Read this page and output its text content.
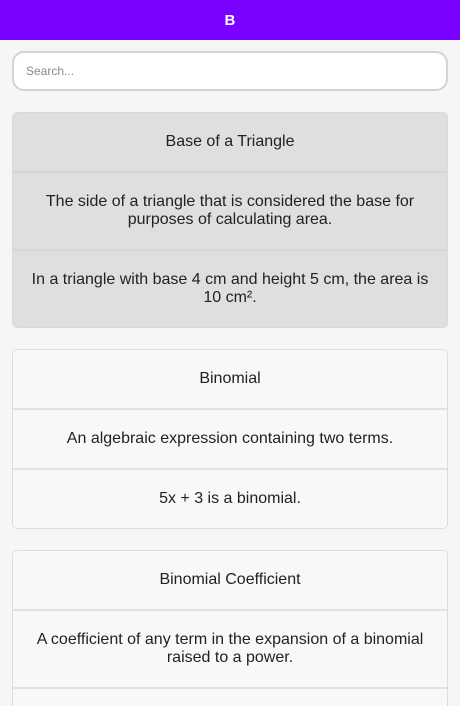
B
Search...
Base of a Triangle
The side of a triangle that is considered the base for purposes of calculating area.
In a triangle with base 4 cm and height 5 cm, the area is 10 cm².
Binomial
An algebraic expression containing two terms.
5x + 3 is a binomial.
Binomial Coefficient
A coefficient of any term in the expansion of a binomial raised to a power.
